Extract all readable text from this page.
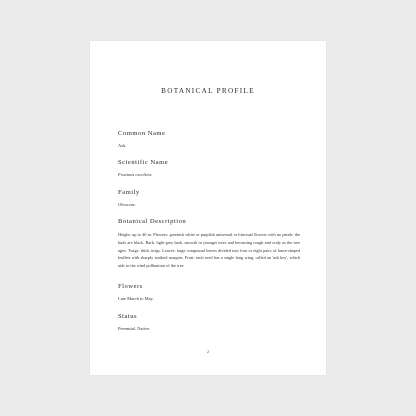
BOTANICAL PROFILE
Common Name

Ash.

Scientific Name

Fraxinus excelsior.

Family

Oleaceae.

Botanical Description

Height: up to 40 m. Flowers: greenish white or purplish unisexual or bisexual flowers with no petals; the buds are black. Bark: light-grey bark, smooth in younger trees and becoming rough and scaly as the tree ages. Twigs: thick twigs. Leaves: large compound leaves divided into four or eight pairs of lance-shaped leaflets with sharply toothed margins. Fruit: each seed has a single long wing, called an 'ash key', which aids in the wind pollination of the tree.

Flowers

Late March to May.

Status

Perennial. Native.

2
